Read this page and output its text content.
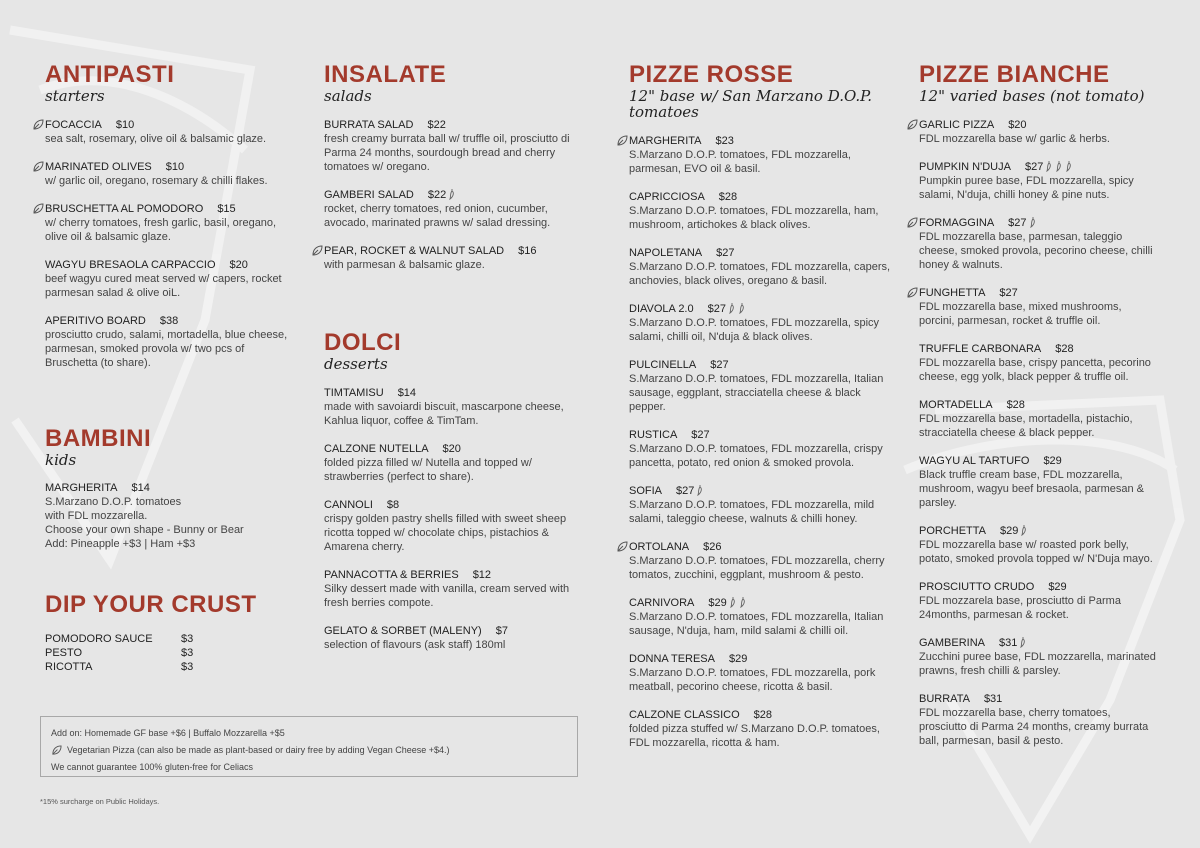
ANTIPASTI
starters
FOCACCIA $10
sea salt, rosemary, olive oil & balsamic glaze.
MARINATED OLIVES $10
w/ garlic oil, oregano, rosemary & chilli flakes.
BRUSCHETTA AL POMODORO $15
w/ cherry tomatoes, fresh garlic, basil, oregano, olive oil & balsamic glaze.
WAGYU BRESAOLA CARPACCIO $20
beef wagyu cured meat served w/ capers, rocket parmesan salad & olive oiL.
APERITIVO BOARD $38
prosciutto crudo, salami, mortadella, blue cheese, parmesan, smoked provola w/ two pcs of Bruschetta (to share).
BAMBINI
kids
MARGHERITA $14
S.Marzano D.O.P. tomatoes
with FDL mozzarella.
Choose your own shape - Bunny or Bear
Add: Pineapple +$3 | Ham +$3
DIP YOUR CRUST
POMODORO SAUCE	$3
PESTO	$3
RICOTTA	$3
INSALATE
salads
BURRATA SALAD $22
fresh creamy burrata ball w/ truffle oil, prosciutto di Parma 24 months, sourdough bread and cherry tomatoes w/ oregano.
GAMBERI SALAD $22
rocket, cherry tomatoes, red onion, cucumber, avocado, marinated prawns w/ salad dressing.
PEAR, ROCKET & WALNUT SALAD $16
with parmesan & balsamic glaze.
DOLCI
desserts
TIMTAMISU $14
made with savoiardi biscuit, mascarpone cheese, Kahlua liquor, coffee & TimTam.
CALZONE NUTELLA $20
folded pizza filled w/ Nutella and topped w/ strawberries (perfect to share).
CANNOLI $8
crispy golden pastry shells filled with sweet sheep ricotta topped w/ chocolate chips, pistachios & Amarena cherry.
PANNACOTTA & BERRIES $12
Silky dessert made with vanilla, cream served with fresh berries compote.
GELATO & SORBET (MALENY) $7
selection of flavours (ask staff) 180ml
PIZZE ROSSE
12" base w/ San Marzano D.O.P. tomatoes
MARGHERITA $23
S.Marzano D.O.P. tomatoes, FDL mozzarella, parmesan, EVO oil & basil.
CAPRICCIOSA $28
S.Marzano D.O.P. tomatoes, FDL mozzarella, ham, mushroom, artichokes & black olives.
NAPOLETANA $27
S.Marzano D.O.P. tomatoes, FDL mozzarella, capers, anchovies, black olives, oregano & basil.
DIAVOLA 2.0 $27
S.Marzano D.O.P. tomatoes, FDL mozzarella, spicy salami, chilli oil, N'duja & black olives.
PULCINELLA $27
S.Marzano D.O.P. tomatoes, FDL mozzarella, Italian sausage, eggplant, stracciatella cheese & black pepper.
RUSTICA $27
S.Marzano D.O.P. tomatoes, FDL mozzarella, crispy pancetta, potato, red onion & smoked provola.
SOFIA $27
S.Marzano D.O.P. tomatoes, FDL mozzarella, mild salami, taleggio cheese, walnuts & chilli honey.
ORTOLANA $26
S.Marzano D.O.P. tomatoes, FDL mozzarella, cherry tomatos, zucchini, eggplant, mushroom & pesto.
CARNIVORA $29
S.Marzano D.O.P. tomatoes, FDL mozzarella, Italian sausage, N'duja, ham, mild salami & chilli oil.
DONNA TERESA $29
S.Marzano D.O.P. tomatoes, FDL mozzarella, pork meatball, pecorino cheese, ricotta & basil.
CALZONE CLASSICO $28
folded pizza stuffed w/ S.Marzano D.O.P. tomatoes, FDL mozzarella, ricotta & ham.
PIZZE BIANCHE
12" varied bases (not tomato)
GARLIC PIZZA $20
FDL mozzarella base w/ garlic & herbs.
PUMPKIN N'DUJA $27
Pumpkin puree base, FDL mozzarella, spicy salami, N'duja, chilli honey & pine nuts.
FORMAGGINA $27
FDL mozzarella base, parmesan, taleggio cheese, smoked provola, pecorino cheese, chilli honey & walnuts.
FUNGHETTA $27
FDL mozzarella base, mixed mushrooms, porcini, parmesan, rocket & truffle oil.
TRUFFLE CARBONARA $28
FDL mozzarella base, crispy pancetta, pecorino cheese, egg yolk, black pepper & truffle oil.
MORTADELLA $28
FDL mozzarella base, mortadella, pistachio, stracciatella cheese & black pepper.
WAGYU AL TARTUFO $29
Black truffle cream base, FDL mozzarella, mushroom, wagyu beef bresaola, parmesan & parsley.
PORCHETTA $29
FDL mozzarella base w/ roasted pork belly, potato, smoked provola topped w/ N'Duja mayo.
PROSCIUTTO CRUDO $29
FDL mozzarela base, prosciutto di Parma 24months, parmesan & rocket.
GAMBERINA $31
Zucchini puree base, FDL mozzarella, marinated prawns, fresh chilli & parsley.
BURRATA $31
FDL mozzarella base, cherry tomatoes, prosciutto di Parma 24 months, creamy burrata ball, parmesan, basil & pesto.
Add on: Homemade GF base +$6 | Buffalo Mozzarella +$5
Vegetarian Pizza (can also be made as plant-based or dairy free by adding Vegan Cheese +$4.)
We cannot guarantee 100% gluten-free for Celiacs
*15% surcharge on Public Holidays.
